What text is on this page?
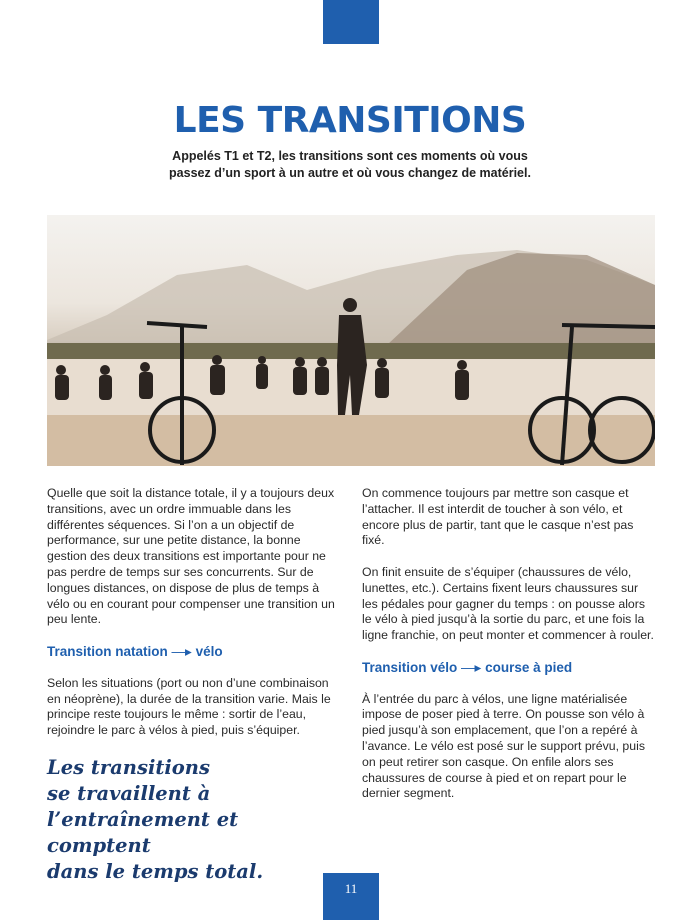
LES TRANSITIONS
Appelés T1 et T2, les transitions sont ces moments où vous
passez d’un sport à un autre et où vous changez de matériel.

Quelle que soit la distance totale, il y a toujours deux transitions, avec un ordre immuable dans les différentes séquences. Si l’on a un objectif de performance, sur une petite distance, la bonne gestion des deux transitions est importante pour ne pas perdre de temps sur ses concurrents. Sur de longues distances, on dispose de plus de temps à vélo ou en courant pour compenser une transition un peu lente.

Transition natation —▸ vélo

Selon les situations (port ou non d’une combinaison en néoprène), la durée de la transition varie. Mais le principe reste toujours le même : sortir de l’eau, rejoindre le parc à vélos à pied, puis s’équiper.

Les transitions
se travaillent à
l’entraînement et comptent
dans le temps total.

On commence toujours par mettre son casque et l’attacher. Il est interdit de toucher à son vélo, et encore plus de partir, tant que le casque n’est pas fixé.

On finit ensuite de s’équiper (chaussures de vélo, lunettes, etc.). Certains fixent leurs chaussures sur les pédales pour gagner du temps : on pousse alors le vélo à pied jusqu’à la sortie du parc, et une fois la ligne franchie, on peut monter et commencer à rouler.

Transition vélo —▸ course à pied

À l’entrée du parc à vélos, une ligne matérialisée impose de poser pied à terre. On pousse son vélo à pied jusqu’à son emplacement, que l’on a repéré à l’avance. Le vélo est posé sur le support prévu, puis on peut retirer son casque. On enfile alors ses chaussures de course à pied et on repart pour le dernier segment.

11
